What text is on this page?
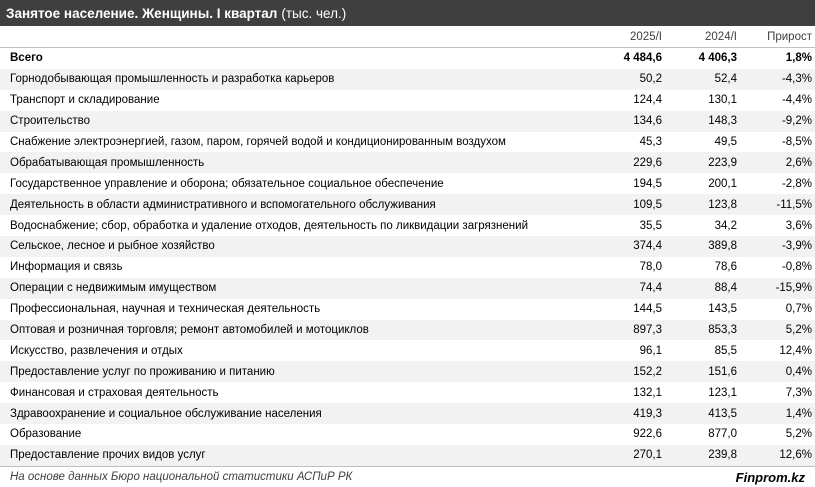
Занятое население. Женщины. I квартал (тыс. чел.)
	2025/I	2024/I	Прирост
Всего	4 484,6	4 406,3	1,8%
Горнодобывающая промышленность и разработка карьеров	50,2	52,4	-4,3%
Транспорт и складирование	124,4	130,1	-4,4%
Строительство	134,6	148,3	-9,2%
Снабжение электроэнергией, газом, паром, горячей водой и кондиционированным воздухом	45,3	49,5	-8,5%
Обрабатывающая промышленность	229,6	223,9	2,6%
Государственное управление и оборона; обязательное социальное обеспечение	194,5	200,1	-2,8%
Деятельность в области административного и вспомогательного обслуживания	109,5	123,8	-11,5%
Водоснабжение; сбор, обработка и удаление отходов, деятельность по ликвидации загрязнений	35,5	34,2	3,6%
Сельское, лесное и рыбное хозяйство	374,4	389,8	-3,9%
Информация и связь	78,0	78,6	-0,8%
Операции с недвижимым имуществом	74,4	88,4	-15,9%
Профессиональная, научная и техническая деятельность	144,5	143,5	0,7%
Оптовая и розничная торговля; ремонт автомобилей и мотоциклов	897,3	853,3	5,2%
Искусство, развлечения и отдых	96,1	85,5	12,4%
Предоставление услуг по проживанию и питанию	152,2	151,6	0,4%
Финансовая и страховая деятельность	132,1	123,1	7,3%
Здравоохранение и социальное обслуживание населения	419,3	413,5	1,4%
Образование	922,6	877,0	5,2%
Предоставление прочих видов услуг	270,1	239,8	12,6%
На основе данных Бюро национальной статистики АСПиР РК	Finprom.kz
